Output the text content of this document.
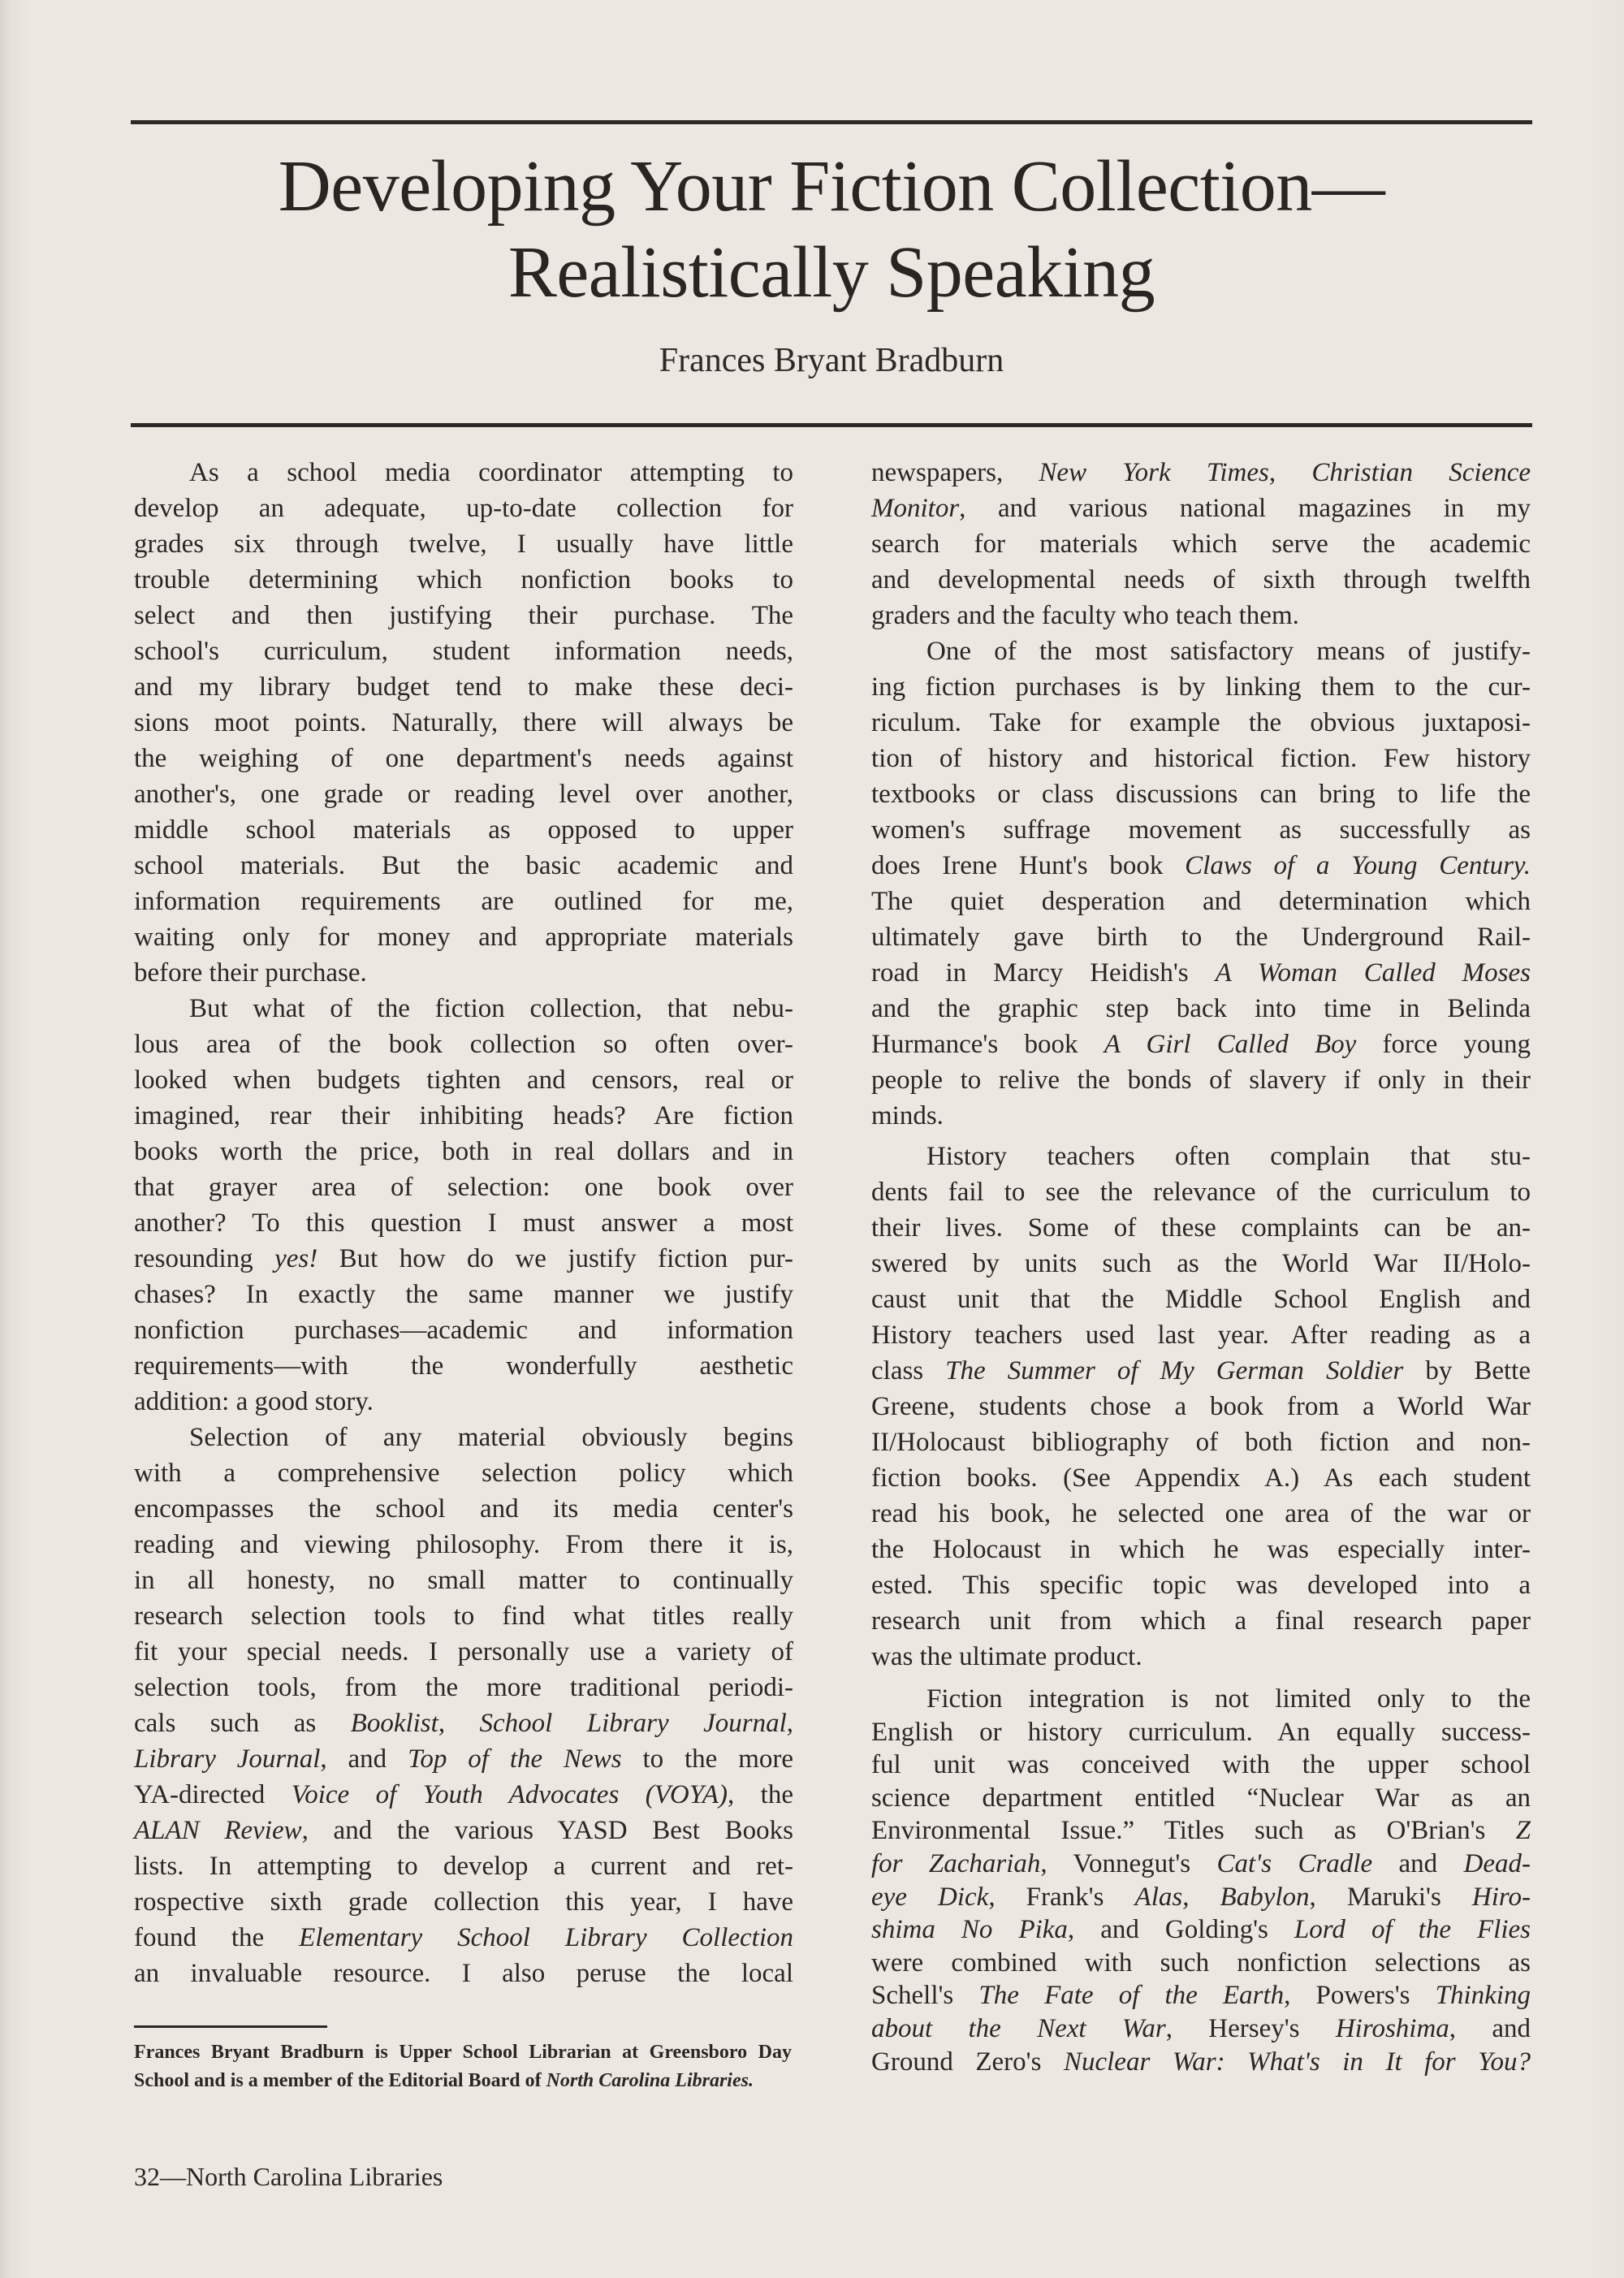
Developing Your Fiction Collection—
Realistically Speaking
Frances Bryant Bradburn
As a school media coordinator attempting to
develop an adequate, up-to-date collection for
grades six through twelve, I usually have little
trouble determining which nonfiction books to
select and then justifying their purchase. The
school's curriculum, student information needs,
and my library budget tend to make these deci-
sions moot points. Naturally, there will always be
the weighing of one department's needs against
another's, one grade or reading level over another,
middle school materials as opposed to upper
school materials. But the basic academic and
information requirements are outlined for me,
waiting only for money and appropriate materials
before their purchase.
But what of the fiction collection, that nebu-
lous area of the book collection so often over-
looked when budgets tighten and censors, real or
imagined, rear their inhibiting heads? Are fiction
books worth the price, both in real dollars and in
that grayer area of selection: one book over
another? To this question I must answer a most
resounding yes! But how do we justify fiction pur-
chases? In exactly the same manner we justify
nonfiction purchases—academic and information
requirements—with the wonderfully aesthetic
addition: a good story.
Selection of any material obviously begins
with a comprehensive selection policy which
encompasses the school and its media center's
reading and viewing philosophy. From there it is,
in all honesty, no small matter to continually
research selection tools to find what titles really
fit your special needs. I personally use a variety of
selection tools, from the more traditional periodi-
cals such as Booklist, School Library Journal,
Library Journal, and Top of the News to the more
YA-directed Voice of Youth Advocates (VOYA), the
ALAN Review, and the various YASD Best Books
lists. In attempting to develop a current and ret-
rospective sixth grade collection this year, I have
found the Elementary School Library Collection
an invaluable resource. I also peruse the local
newspapers, New York Times, Christian Science
Monitor, and various national magazines in my
search for materials which serve the academic
and developmental needs of sixth through twelfth
graders and the faculty who teach them.
One of the most satisfactory means of justify-
ing fiction purchases is by linking them to the cur-
riculum. Take for example the obvious juxtaposi-
tion of history and historical fiction. Few history
textbooks or class discussions can bring to life the
women's suffrage movement as successfully as
does Irene Hunt's book Claws of a Young Century.
The quiet desperation and determination which
ultimately gave birth to the Underground Rail-
road in Marcy Heidish's A Woman Called Moses
and the graphic step back into time in Belinda
Hurmance's book A Girl Called Boy force young
people to relive the bonds of slavery if only in their
minds.
History teachers often complain that stu-
dents fail to see the relevance of the curriculum to
their lives. Some of these complaints can be an-
swered by units such as the World War II/Holo-
caust unit that the Middle School English and
History teachers used last year. After reading as a
class The Summer of My German Soldier by Bette
Greene, students chose a book from a World War
II/Holocaust bibliography of both fiction and non-
fiction books. (See Appendix A.) As each student
read his book, he selected one area of the war or
the Holocaust in which he was especially inter-
ested. This specific topic was developed into a
research unit from which a final research paper
was the ultimate product.
Fiction integration is not limited only to the
English or history curriculum. An equally success-
ful unit was conceived with the upper school
science department entitled “Nuclear War as an
Environmental Issue.” Titles such as O'Brian's Z
for Zachariah, Vonnegut's Cat's Cradle and Dead-
eye Dick, Frank's Alas, Babylon, Maruki's Hiro-
shima No Pika, and Golding's Lord of the Flies
were combined with such nonfiction selections as
Schell's The Fate of the Earth, Powers's Thinking
about the Next War, Hersey's Hiroshima, and
Ground Zero's Nuclear War: What's in It for You?
Frances Bryant Bradburn is Upper School Librarian at Greensboro Day School and is a member of the Editorial Board of North Carolina Libraries.
32—North Carolina Libraries
